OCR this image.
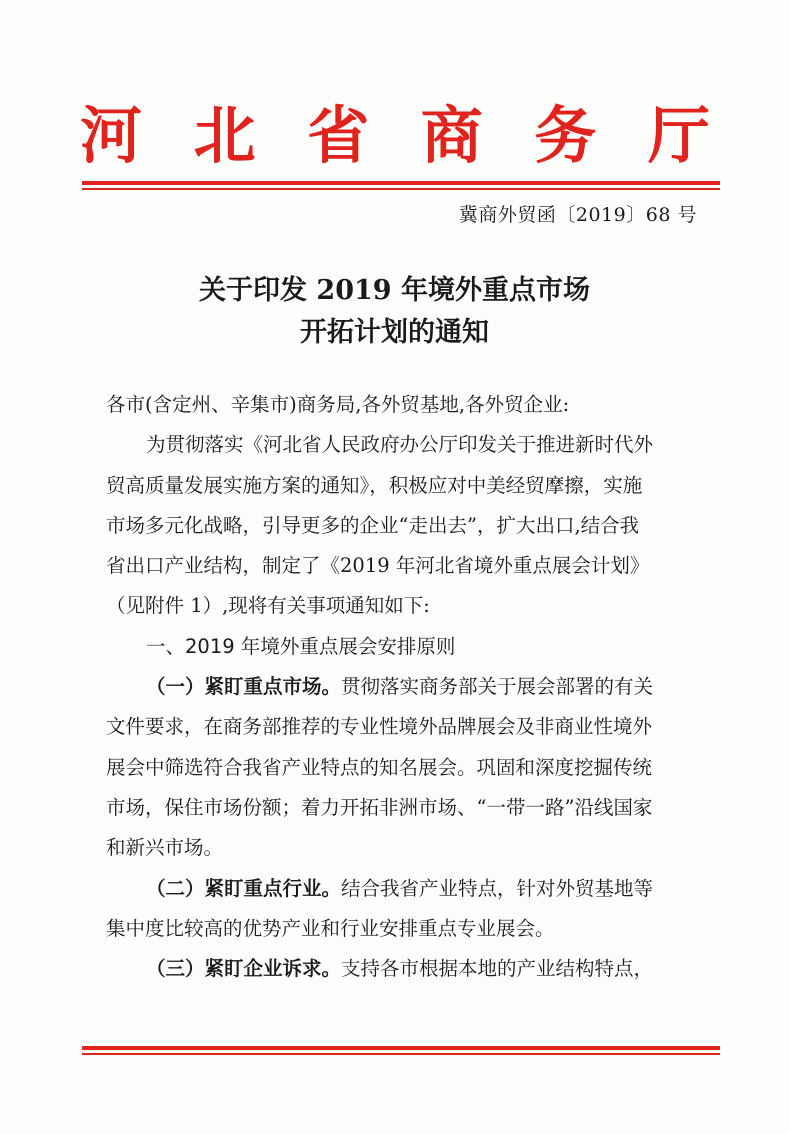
河 北 省 商 务 厅
冀商外贸函〔2019〕68 号
关于印发 2019 年境外重点市场
开拓计划的通知
各市(含定州、辛集市)商务局,各外贸基地,各外贸企业:
为贯彻落实《河北省人民政府办公厅印发关于推进新时代外
贸高质量发展实施方案的通知》，积极应对中美经贸摩擦，实施
市场多元化战略，引导更多的企业“走出去”，扩大出口,结合我
省出口产业结构，制定了《2019 年河北省境外重点展会计划》
（见附件 1）,现将有关事项通知如下:
一、2019 年境外重点展会安排原则
（一）紧盯重点市场。 贯彻落实商务部关于展会部署的有关
文件要求，在商务部推荐的专业性境外品牌展会及非商业性境外
展会中筛选符合我省产业特点的知名展会。巩固和深度挖掘传统
市场，保住市场份额；着力开拓非洲市场、“一带一路”沿线国家
和新兴市场。
（二）紧盯重点行业。 结合我省产业特点，针对外贸基地等
集中度比较高的优势产业和行业安排重点专业展会。
（三）紧盯企业诉求。 支持各市根据本地的产业结构特点，
